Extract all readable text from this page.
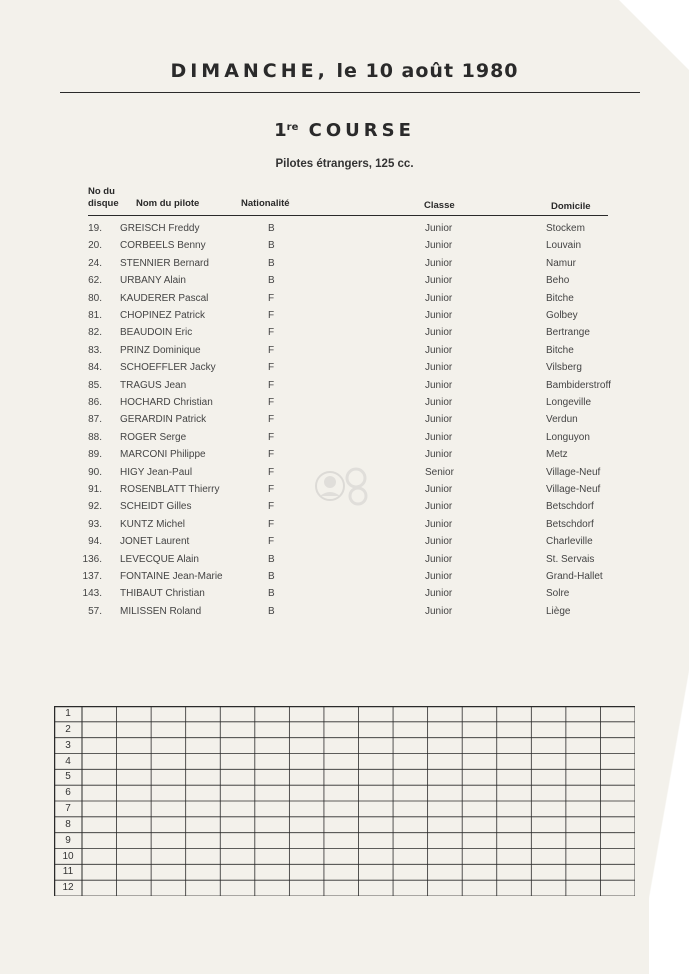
DIMANCHE, le 10 août 1980
1re COURSE
Pilotes étrangers, 125 cc.
No du
disque Nom du pilote	Nationalité	Classe	Domicile
19. GREISCH Freddy	B	Junior	Stockem
20. CORBEELS Benny	B	Junior	Louvain
24. STENNIER Bernard	B	Junior	Namur
62. URBANY Alain	B	Junior	Beho
80. KAUDERER Pascal	F	Junior	Bitche
81. CHOPINEZ Patrick	F	Junior	Golbey
82. BEAUDOIN Eric	F	Junior	Bertrange
83. PRINZ Dominique	F	Junior	Bitche
84. SCHOEFFLER Jacky	F	Junior	Vilsberg
85. TRAGUS Jean	F	Junior	Bambiderstroff
86. HOCHARD Christian	F	Junior	Longeville
87. GERARDIN Patrick	F	Junior	Verdun
88. ROGER Serge	F	Junior	Longuyon
89. MARCONI Philippe	F	Junior	Metz
90. HIGY Jean-Paul	F	Senior	Village-Neuf
91. ROSENBLATT Thierry	F	Junior	Village-Neuf
92. SCHEIDT Gilles	F	Junior	Betschdorf
93. KUNTZ Michel	F	Junior	Betschdorf
94. JONET Laurent	F	Junior	Charleville
136. LEVECQUE Alain	B	Junior	St. Servais
137. FONTAINE Jean-Marie	B	Junior	Grand-Hallet
143. THIBAUT Christian	B	Junior	Solre
57. MILISSEN Roland	B	Junior	Liège
1
2
3
4
5
6
7
8
9
10
11
12
